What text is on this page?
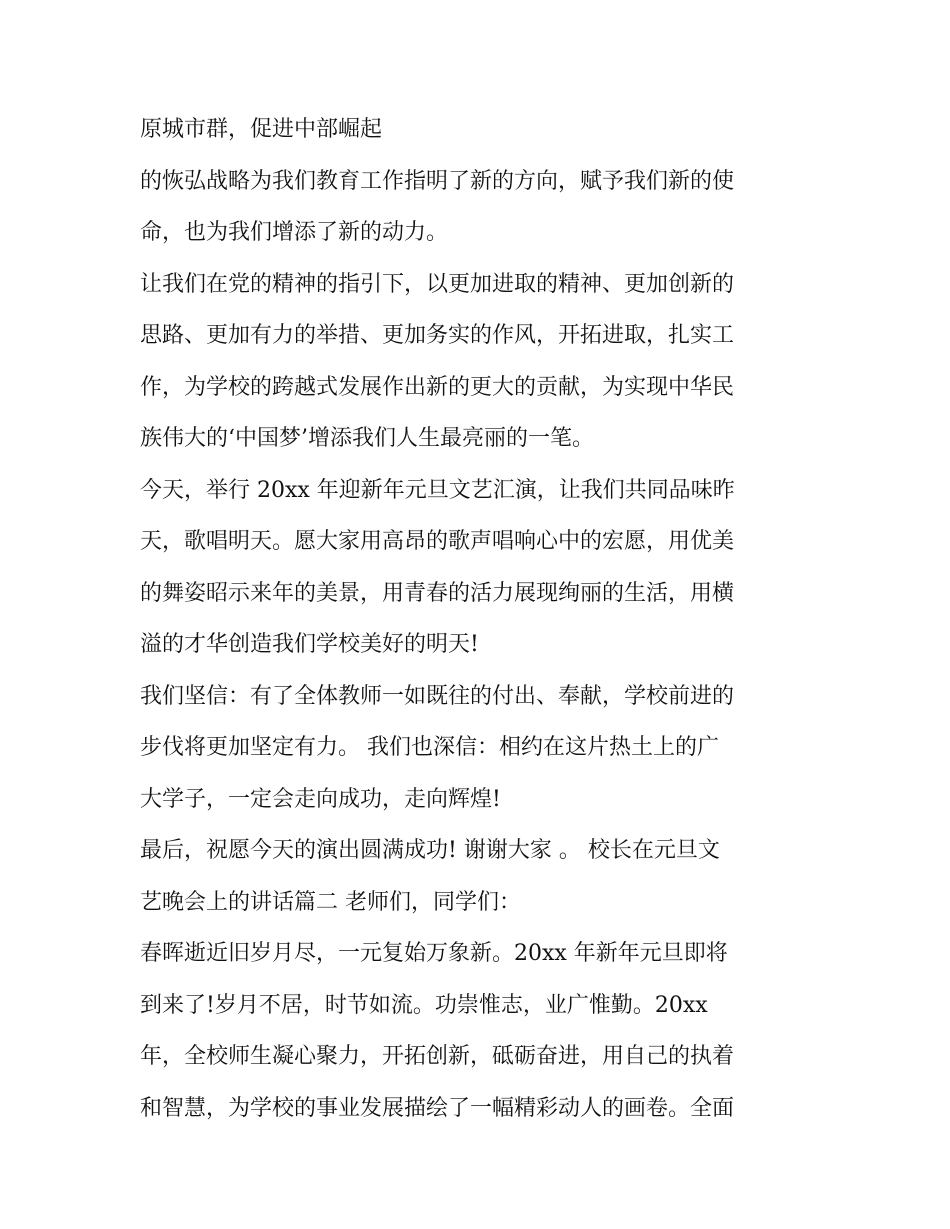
原城市群，促进中部崛起
的恢弘战略为我们教育工作指明了新的方向，赋予我们新的使
命，也为我们增添了新的动力。
让我们在党的精神的指引下，以更加进取的精神、更加创新的
思路、更加有力的举措、更加务实的作风，开拓进取，扎实工
作，为学校的跨越式发展作出新的更大的贡献，为实现中华民
族伟大的‘中国梦’增添我们人生最亮丽的一笔。
今天，举行 20xx 年迎新年元旦文艺汇演，让我们共同品味昨
天，歌唱明天。愿大家用高昂的歌声唱响心中的宏愿，用优美
的舞姿昭示来年的美景，用青春的活力展现绚丽的生活，用横
溢的才华创造我们学校美好的明天!
我们坚信：有了全体教师一如既往的付出、奉献，学校前进的
步伐将更加坚定有力。 我们也深信：相约在这片热土上的广
大学子，一定会走向成功，走向辉煌!
最后，祝愿今天的演出圆满成功! 谢谢大家 。 校长在元旦文
艺晚会上的讲话篇二 老师们，同学们：
春晖逝近旧岁月尽，一元复始万象新。20xx 年新年元旦即将
到来了!岁月不居，时节如流。功崇惟志，业广惟勤。20xx
年，全校师生凝心聚力，开拓创新，砥砺奋进，用自己的执着
和智慧，为学校的事业发展描绘了一幅精彩动人的画卷。全面
